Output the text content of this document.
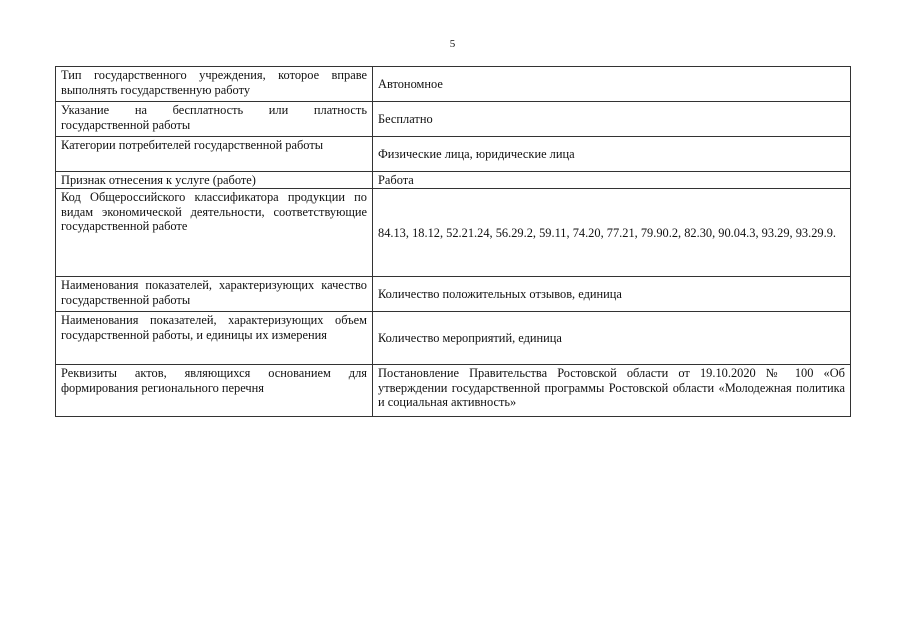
5
Тип государственного учреждения, которое вправе выполнять государственную работу	Автономное
Указание на бесплатность или платность государственной работы	Бесплатно
Категории потребителей государственной работы	Физические лица, юридические лица
Признак отнесения к услуге (работе)	Работа
Код Общероссийского классификатора продукции по видам экономической деятельности, соответствующие государственной работе	84.13, 18.12, 52.21.24, 56.29.2, 59.11, 74.20, 77.21, 79.90.2, 82.30, 90.04.3, 93.29, 93.29.9.
Наименования показателей, характеризующих качество государственной работы	Количество положительных отзывов, единица
Наименования показателей, характеризующих объем государственной работы, и единицы их измерения	Количество мероприятий, единица
Реквизиты актов, являющихся основанием для формирования регионального перечня	Постановление Правительства Ростовской области от 19.10.2020 № 100 «Об утверждении государственной программы Ростовской области «Молодежная политика и социальная активность»
